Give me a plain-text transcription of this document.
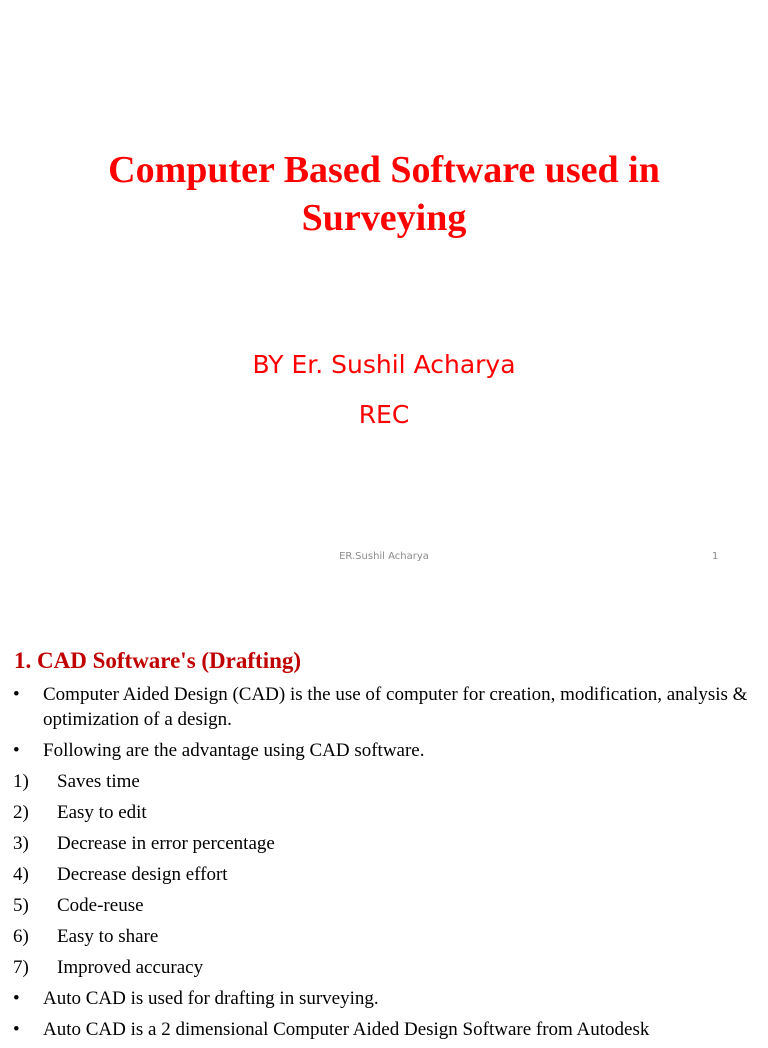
Computer Based Software used in
Surveying
BY Er. Sushil Acharya
REC
ER.Sushil Acharya	1
1. CAD Software's (Drafting)
• Computer Aided Design (CAD) is the use of computer for creation, modification, analysis & optimization of a design.
• Following are the advantage using CAD software.
1)	Saves time
2)	Easy to edit
3)	Decrease in error percentage
4)	Decrease design effort
5)	Code-reuse
6)	Easy to share
7)	Improved accuracy
• Auto CAD is used for drafting in surveying.
• Auto CAD is a 2 dimensional Computer Aided Design Software from Autodesk
